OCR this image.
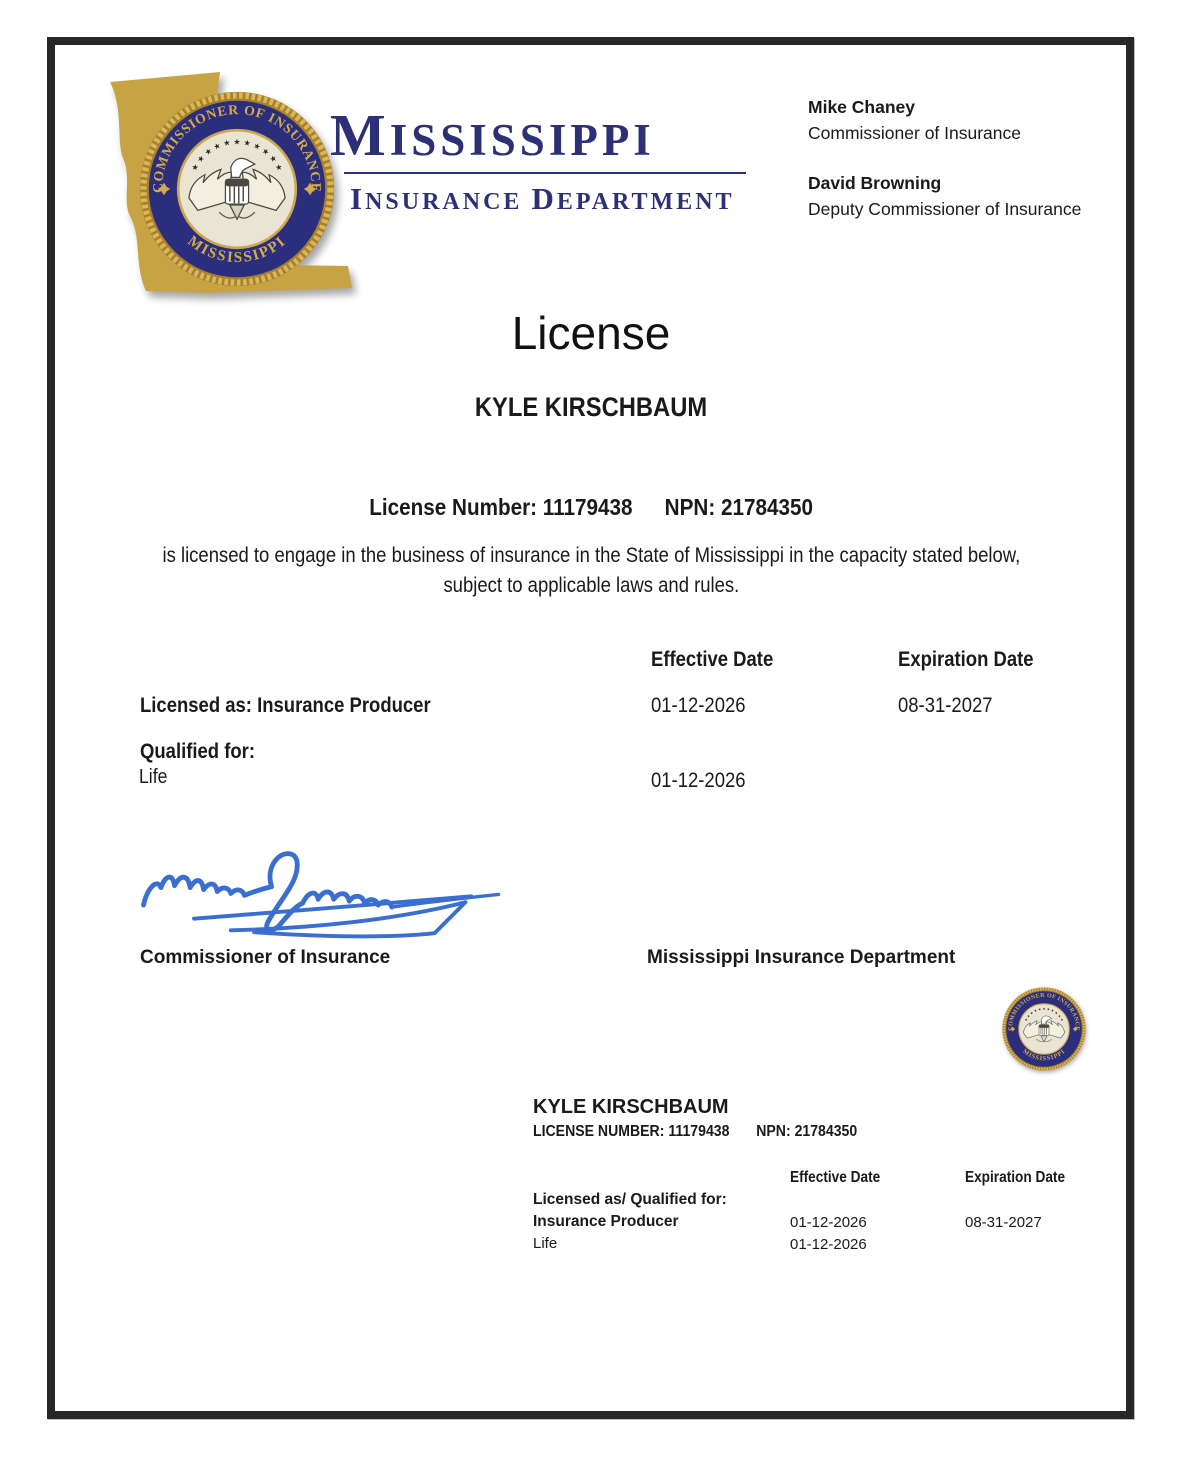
MISSISSIPPI
INSURANCE DEPARTMENT
Mike Chaney
Commissioner of Insurance
David Browning
Deputy Commissioner of Insurance
License
KYLE KIRSCHBAUM
License Number: 11179438 NPN: 21784350
is licensed to engage in the business of insurance in the State of Mississippi in the capacity stated below,
subject to applicable laws and rules.
Effective Date	Expiration Date
Licensed as: Insurance Producer	01-12-2026	08-31-2027
Qualified for:
Life	01-12-2026
Commissioner of Insurance	Mississippi Insurance Department
KYLE KIRSCHBAUM
LICENSE NUMBER: 11179438 NPN: 21784350
Effective Date	Expiration Date
Licensed as/ Qualified for:
Insurance Producer	01-12-2026	08-31-2027
Life	01-12-2026
